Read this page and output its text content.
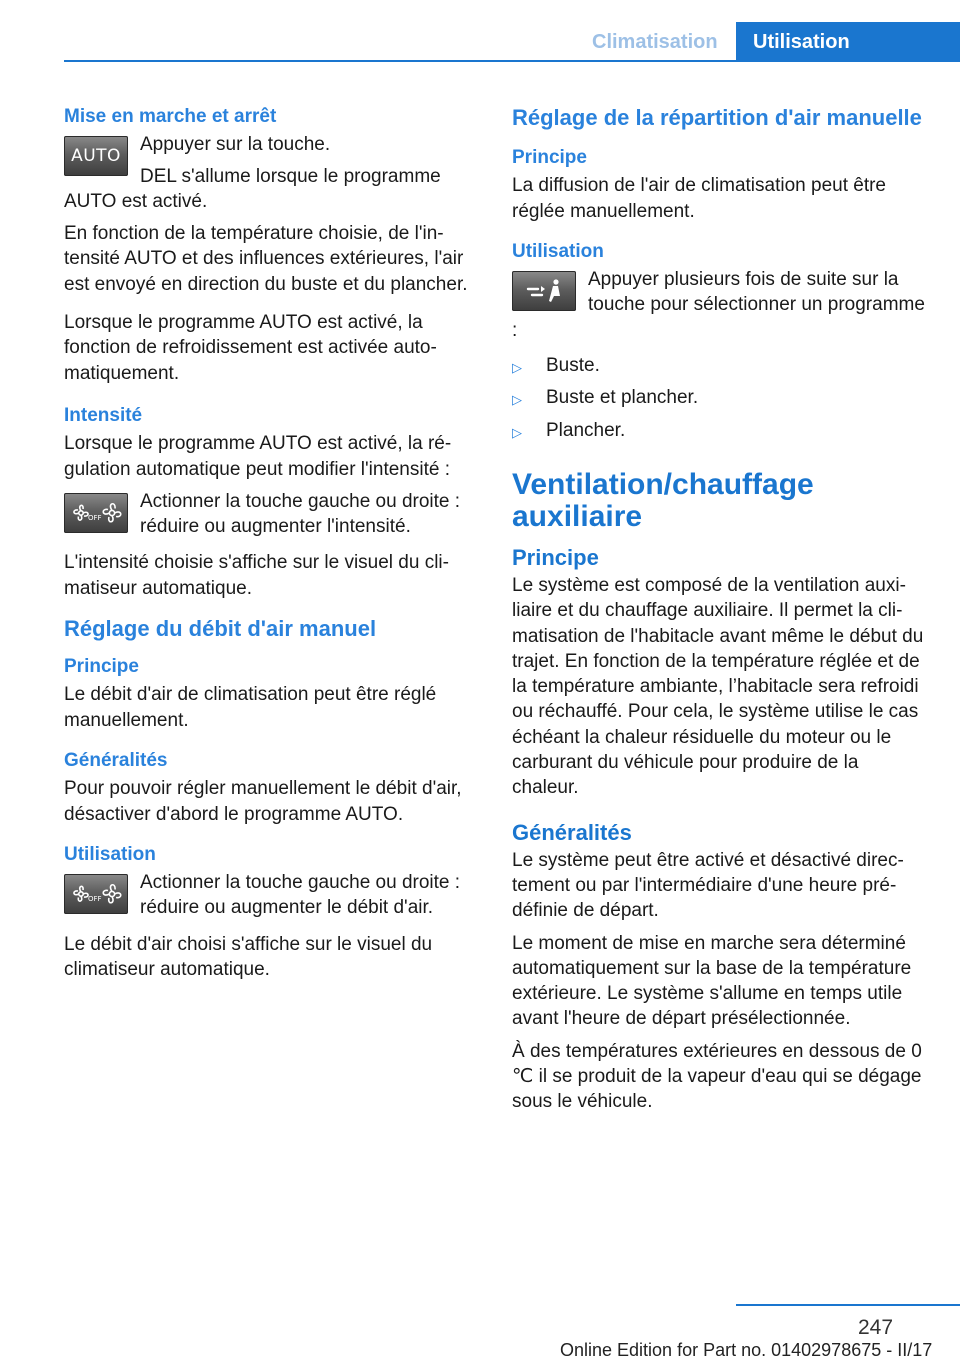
Climatisation Utilisation
Mise en marche et arrêt
AUTO

Appuyer sur la touche.

DEL s'allume lorsque le programme AUTO est activé.

En fonction de la température choisie, de l'intensité AUTO et des influences extérieures, l'air est envoyé en direction du buste et du plancher.

Lorsque le programme AUTO est activé, la fonction de refroidissement est activée automatiquement.

Intensité

Lorsque le programme AUTO est activé, la régulation automatique peut modifier l'intensité :

OFF

Actionner la touche gauche ou droite : réduire ou augmenter l'intensité.

L'intensité choisie s'affiche sur le visuel du climatiseur automatique.

Réglage du débit d'air manuel
Principe

Le débit d'air de climatisation peut être réglé manuellement.

Généralités

Pour pouvoir régler manuellement le débit d'air, désactiver d'abord le programme AUTO.

Utilisation
OFF

Actionner la touche gauche ou droite : réduire ou augmenter le débit d'air.

Le débit d'air choisi s'affiche sur le visuel du climatiseur automatique.

Réglage de la répartition d'air manuelle
Principe

La diffusion de l'air de climatisation peut être réglée manuellement.

Utilisation

Appuyer plusieurs fois de suite sur la touche pour sélectionner un programme :

▷ Buste.
▷ Buste et plancher.
▷ Plancher.
Ventilation/chauffage auxiliaire
Principe

Le système est composé de la ventilation auxiliaire et du chauffage auxiliaire. Il permet la climatisation de l'habitacle avant même le début du trajet. En fonction de la température réglée et de la température ambiante, l’habitacle sera refroidi ou réchauffé. Pour cela, le système utilise le cas échéant la chaleur résiduelle du moteur ou le carburant du véhicule pour produire de la chaleur.

Généralités

Le système peut être activé et désactivé directement ou par l'intermédiaire d'une heure prédéfinie de départ.

Le moment de mise en marche sera déterminé automatiquement sur la base de la température extérieure. Le système s'allume en temps utile avant l'heure de départ présélectionnée.

À des températures extérieures en dessous de 0 ℃ il se produit de la vapeur d'eau qui se dégage sous le véhicule.

247
Online Edition for Part no. 01402978675 - II/17
